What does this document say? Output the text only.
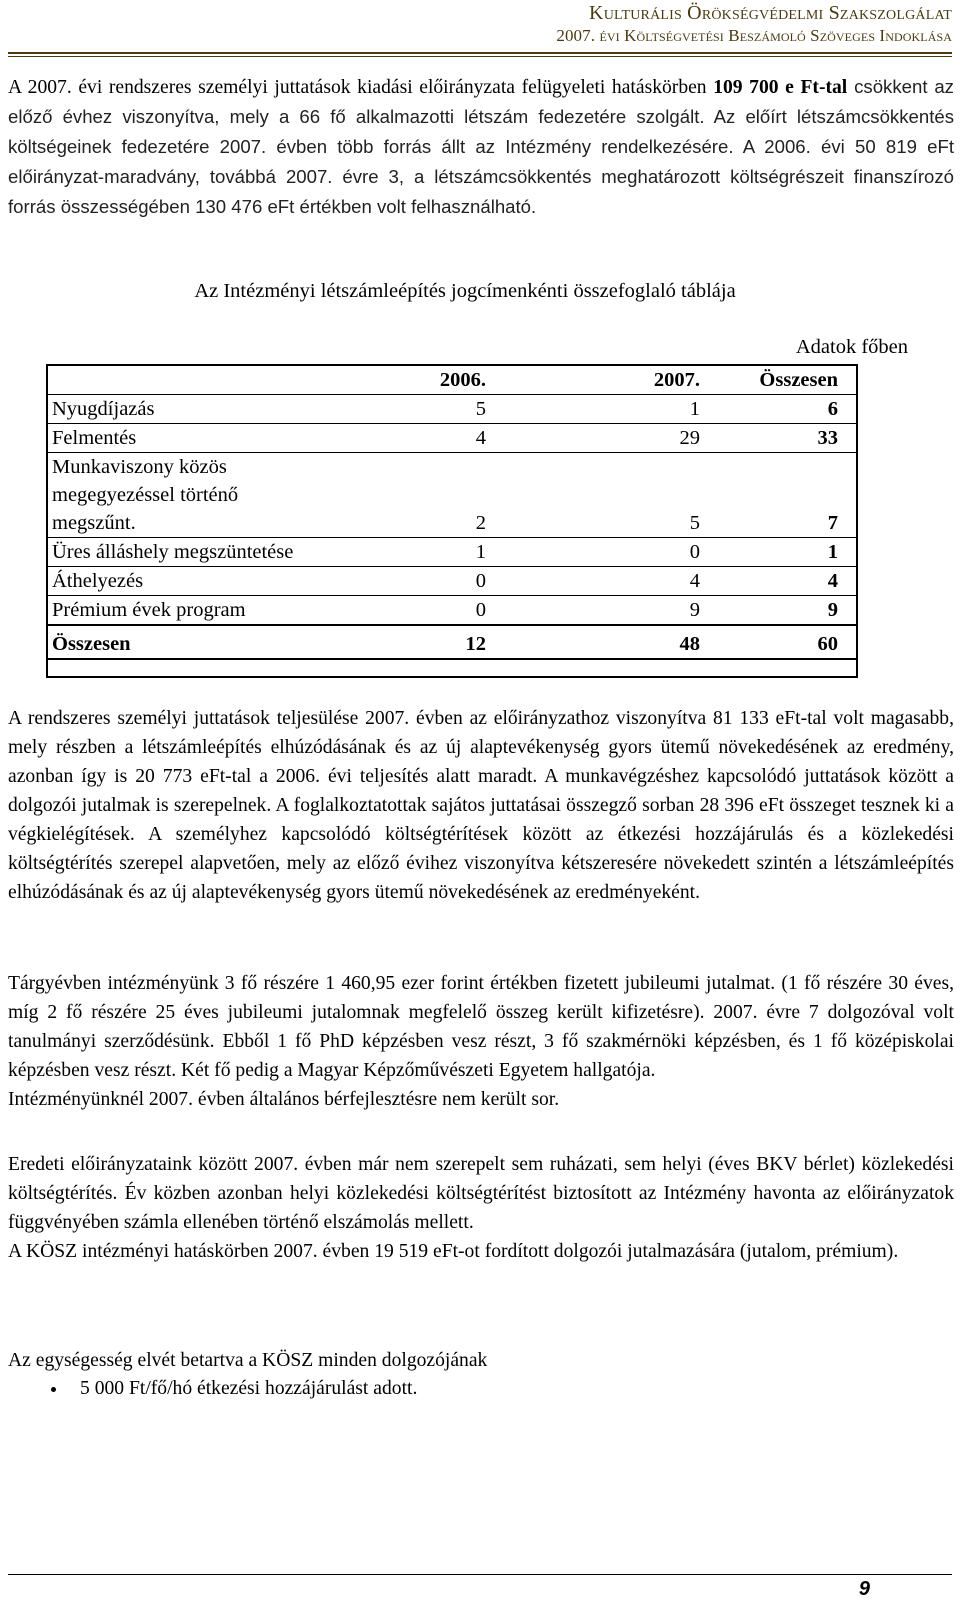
Kulturális Örökségvédelmi Szakszolgálat
2007. évi Költségvetési Beszámoló Szöveges Indoklása

A 2007. évi rendszeres személyi juttatások kiadási előirányzata felügyeleti hatáskörben 109 700 e Ft-tal csökkent az előző évhez viszonyítva, mely a 66 fő alkalmazotti létszám fedezetére szolgált. Az előírt létszámcsökkentés költségeinek fedezetére 2007. évben több forrás állt az Intézmény rendelkezésére. A 2006. évi 50 819 eFt előirányzat-maradvány, továbbá 2007. évre 3, a létszámcsökkentés meghatározott költségrészeit finanszírozó forrás összességében 130 476 eFt értékben volt felhasználható.

Az Intézményi létszámleépítés jogcímenkénti összefoglaló táblája
Adatok főben
	2006.	2007.	Összesen
Nyugdíjazás	5	1	6
Felmentés	4	29	33
Munkaviszony közös megegyezéssel történő megszűnt.	2	5	7
Üres álláshely megszüntetése	1	0	1
Áthelyezés	0	4	4
Prémium évek program	0	9	9
Összesen	12	48	60

A rendszeres személyi juttatások teljesülése 2007. évben az előirányzathoz viszonyítva 81 133 eFt-tal volt magasabb, mely részben a létszámleépítés elhúzódásának és az új alaptevékenység gyors ütemű növekedésének az eredmény, azonban így is 20 773 eFt-tal a 2006. évi teljesítés alatt maradt. A munkavégzéshez kapcsolódó juttatások között a dolgozói jutalmak is szerepelnek. A foglalkoztatottak sajátos juttatásai összegző sorban 28 396 eFt összeget tesznek ki a végkielégítések. A személyhez kapcsolódó költségtérítések között az étkezési hozzájárulás és a közlekedési költségtérítés szerepel alapvetően, mely az előző évihez viszonyítva kétszeresére növekedett szintén a létszámleépítés elhúzódásának és az új alaptevékenység gyors ütemű növekedésének az eredményeként.

Tárgyévben intézményünk 3 fő részére 1 460,95 ezer forint értékben fizetett jubileumi jutalmat. (1 fő részére 30 éves, míg 2 fő részére 25 éves jubileumi jutalomnak megfelelő összeg került kifizetésre). 2007. évre 7 dolgozóval volt tanulmányi szerződésünk. Ebből 1 fő PhD képzésben vesz részt, 3 fő szakmérnöki képzésben, és 1 fő középiskolai képzésben vesz részt. Két fő pedig a Magyar Képzőművészeti Egyetem hallgatója.
Intézményünknél 2007. évben általános bérfejlesztésre nem került sor.
Eredeti előirányzataink között 2007. évben már nem szerepelt sem ruházati, sem helyi (éves BKV bérlet) közlekedési költségtérítés. Év közben azonban helyi közlekedési költségtérítést biztosított az Intézmény havonta az előirányzatok függvényében számla ellenében történő elszámolás mellett.
A KÖSZ intézményi hatáskörben 2007. évben 19 519 eFt-ot fordított dolgozói jutalmazására (jutalom, prémium).

Az egységesség elvét betartva a KÖSZ minden dolgozójának

• 5 000 Ft/fő/hó étkezési hozzájárulást adott.
9
